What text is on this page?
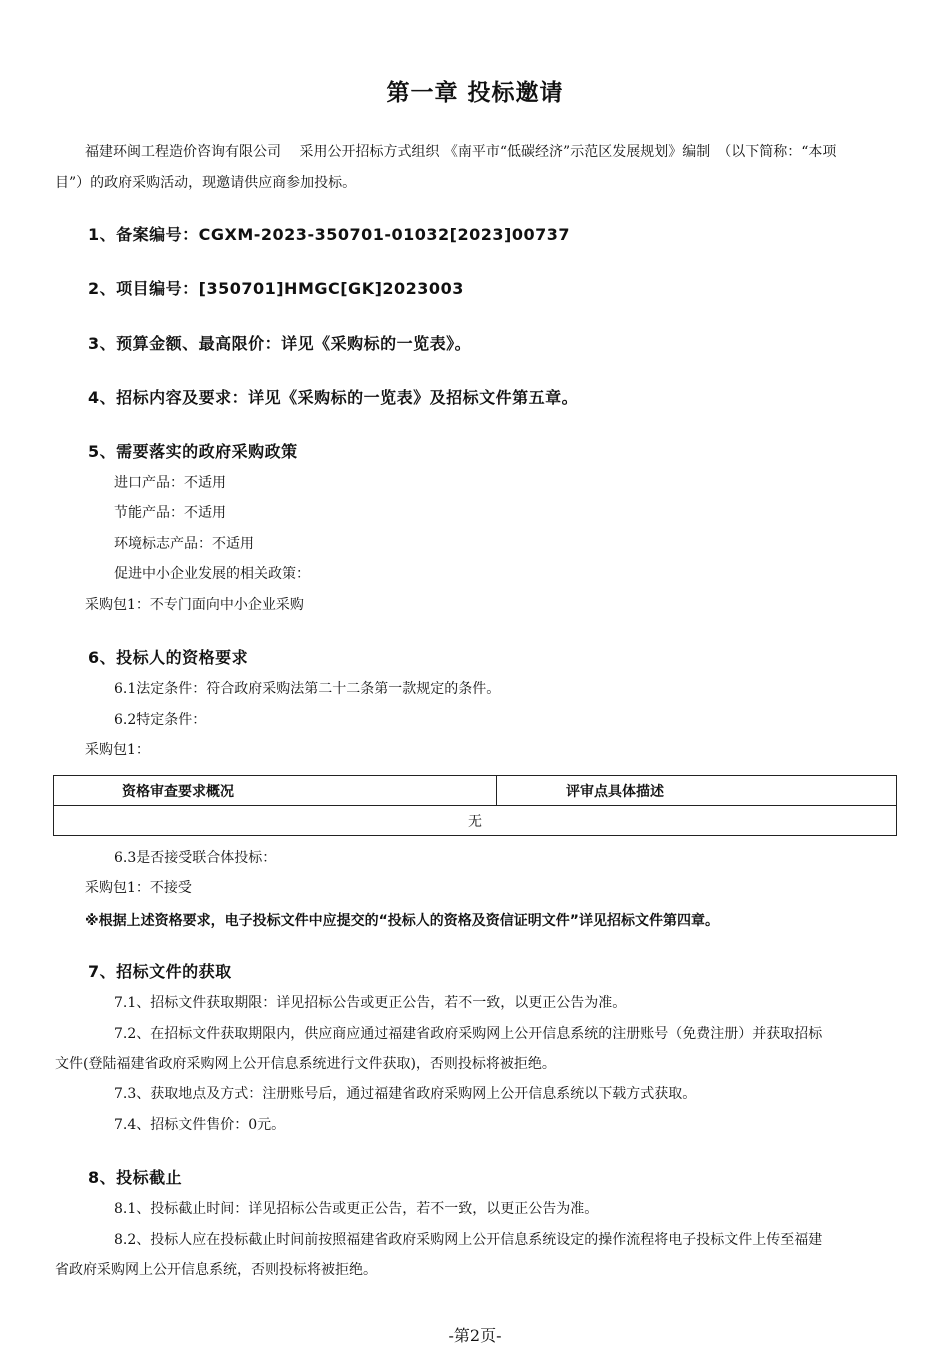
第一章 投标邀请
福建环闽工程造价咨询有限公司　 采用公开招标方式组织 《南平市“低碳经济”示范区发展规划》编制　（以下简称：“本项
目”）的政府采购活动，现邀请供应商参加投标。
1、备案编号：CGXM-2023-350701-01032[2023]00737
2、项目编号：[350701]HMGC[GK]2023003
3、预算金额、最高限价：详见《采购标的一览表》。
4、招标内容及要求：详见《采购标的一览表》及招标文件第五章。
5、需要落实的政府采购政策
进口产品：不适用
节能产品：不适用
环境标志产品：不适用
促进中小企业发展的相关政策：
采购包1：不专门面向中小企业采购
6、投标人的资格要求
6.1法定条件：符合政府采购法第二十二条第一款规定的条件。
6.2特定条件：
采购包1：
资格审查要求概况	评审点具体描述
无
6.3是否接受联合体投标：
采购包1：不接受
※根据上述资格要求，电子投标文件中应提交的“投标人的资格及资信证明文件”详见招标文件第四章。
7、招标文件的获取
7.1、招标文件获取期限：详见招标公告或更正公告，若不一致，以更正公告为准。
7.2、在招标文件获取期限内，供应商应通过福建省政府采购网上公开信息系统的注册账号（免费注册）并获取招标
文件(登陆福建省政府采购网上公开信息系统进行文件获取)，否则投标将被拒绝。
7.3、获取地点及方式：注册账号后，通过福建省政府采购网上公开信息系统以下载方式获取。
7.4、招标文件售价：0元。
8、投标截止
8.1、投标截止时间：详见招标公告或更正公告，若不一致，以更正公告为准。
8.2、投标人应在投标截止时间前按照福建省政府采购网上公开信息系统设定的操作流程将电子投标文件上传至福建
省政府采购网上公开信息系统，否则投标将被拒绝。
-第2页-
